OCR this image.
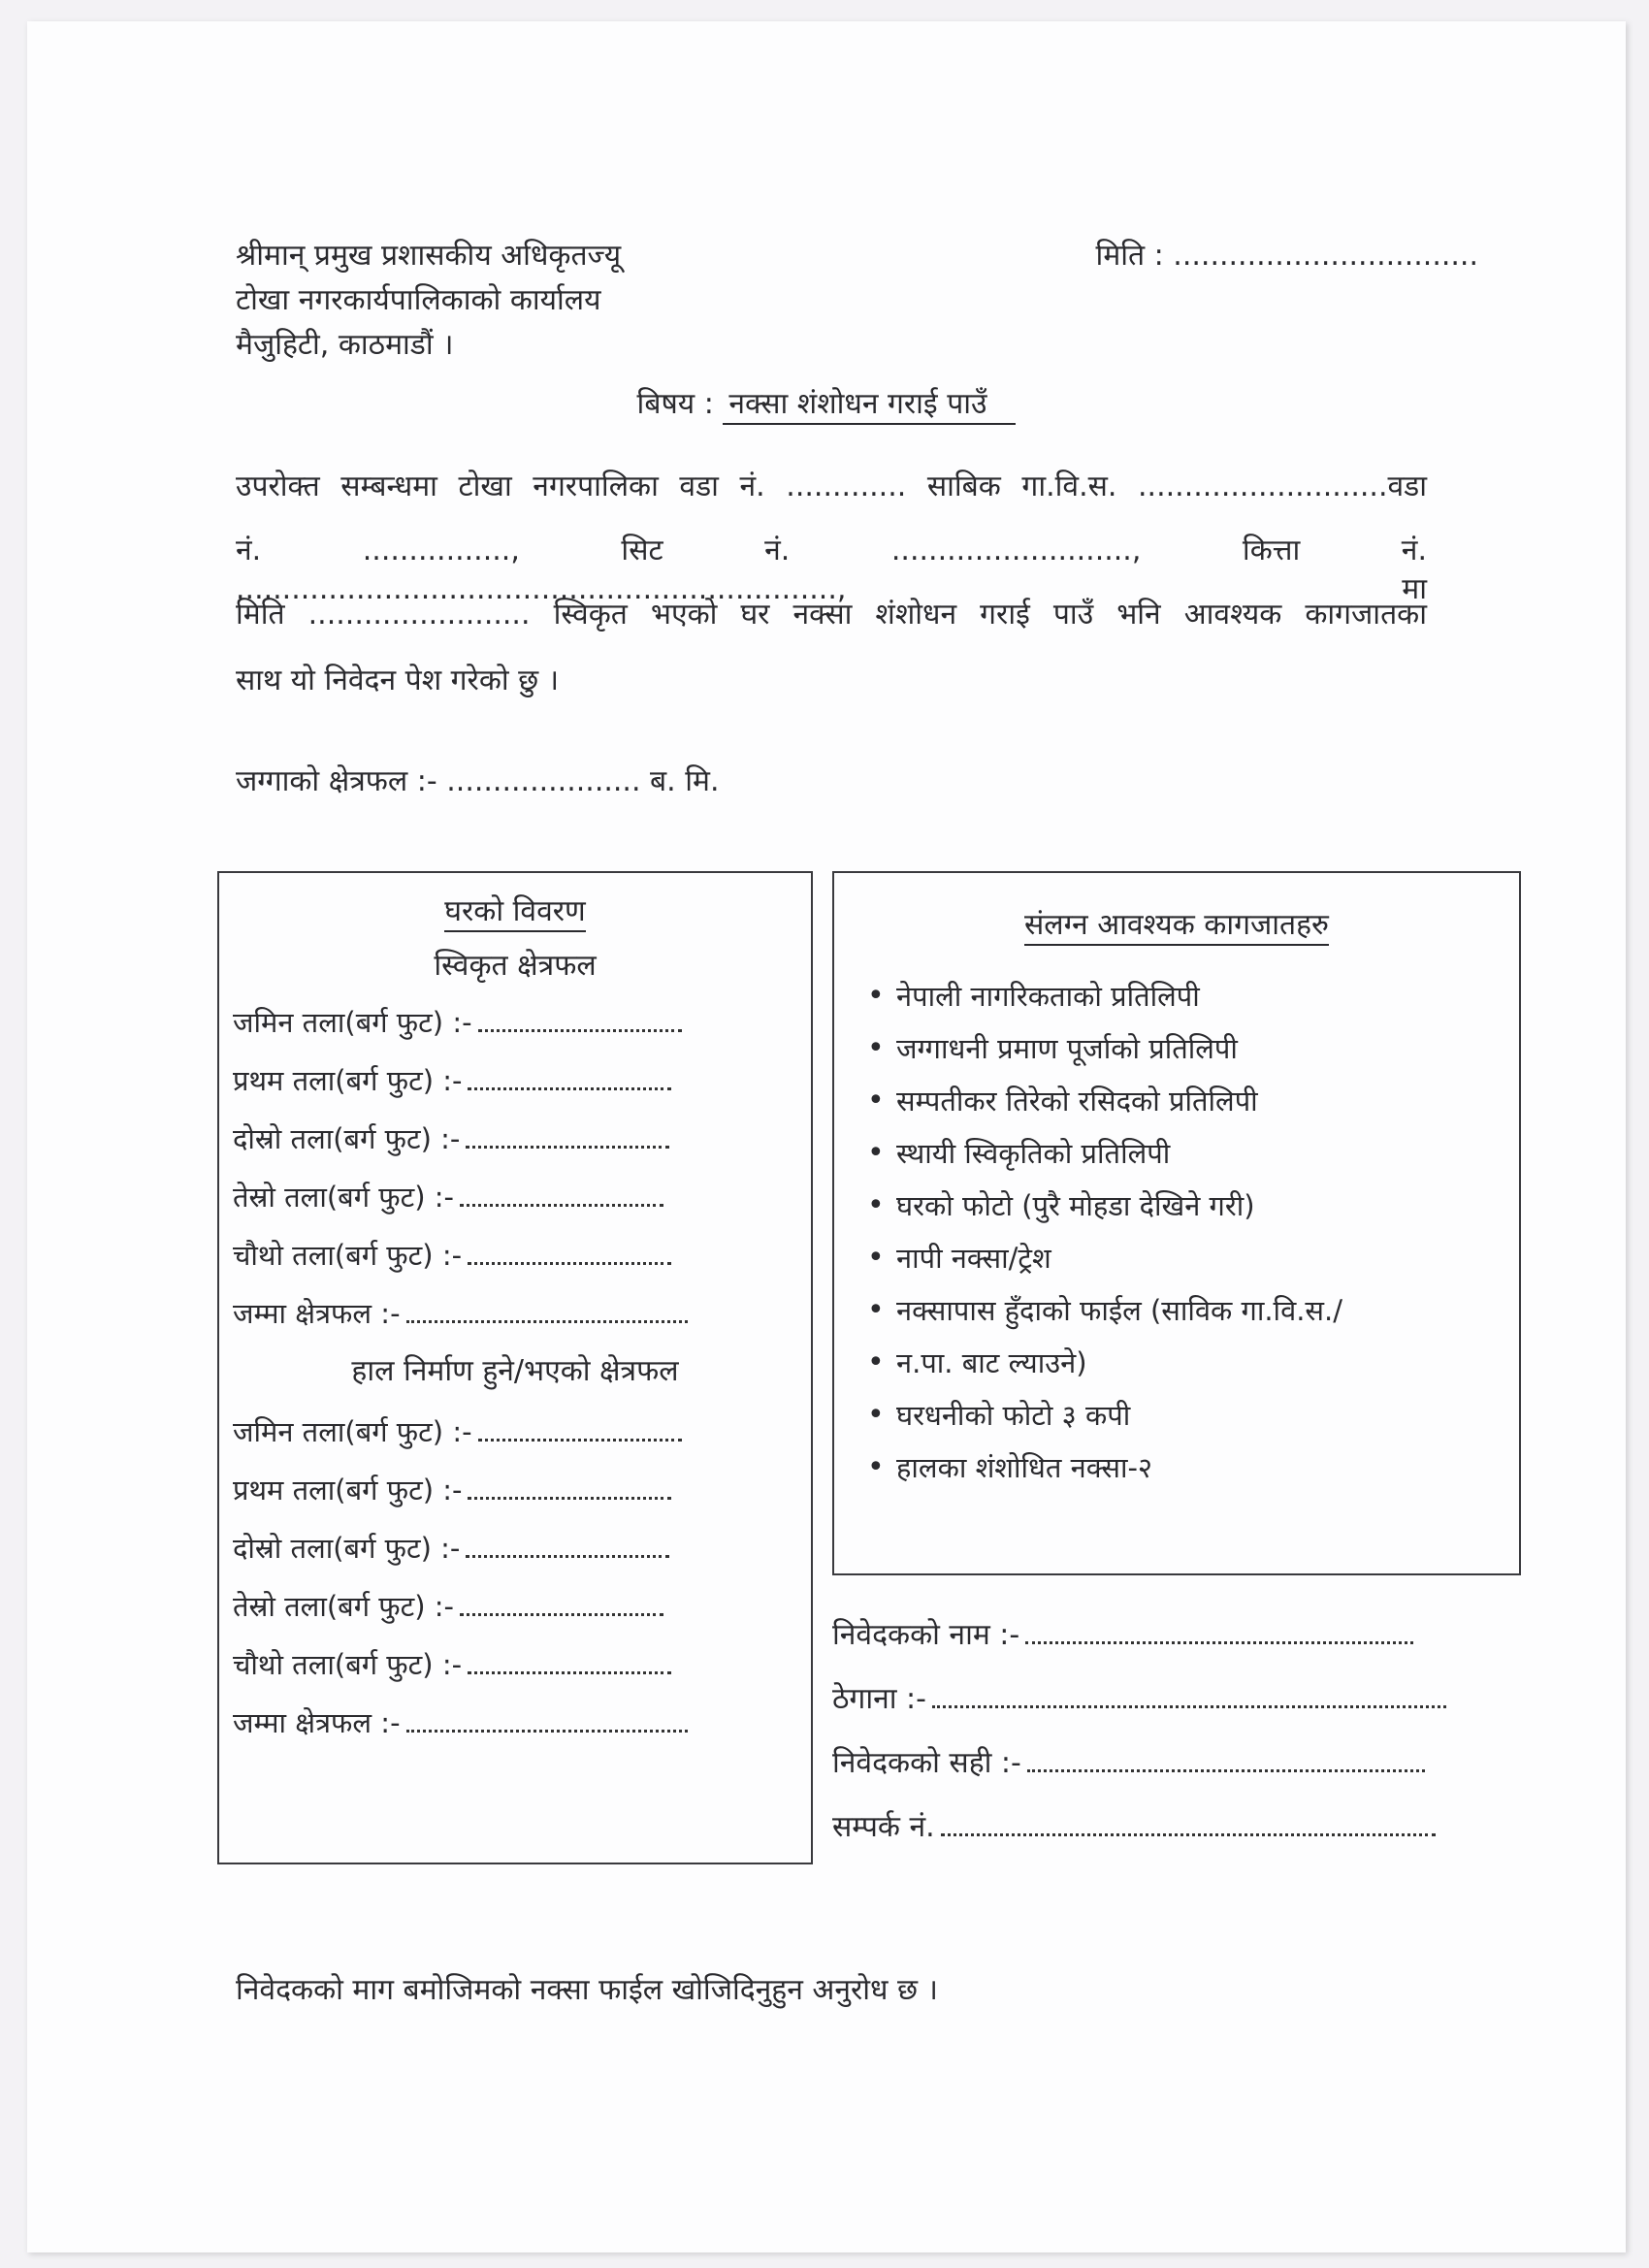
श्रीमान् प्रमुख प्रशासकीय अधिकृतज्यू
टोखा नगरकार्यपालिकाको कार्यालय
मैजुहिटी, काठमाडौं ।
मिति : .................................
बिषय : नक्सा शंशोधन गराई पाउँ
उपरोक्त सम्बन्धमा टोखा नगरपालिका वडा नं. ............. साबिक गा.वि.स. ...........................वडा
नं. ................, सिट नं. .........................., कित्ता नं. ................................................................., मा
मिति ........................ स्विकृत भएको घर नक्सा शंशोधन गराई पाउँ भनि आवश्यक कागजातका
साथ यो निवेदन पेश गरेको छु ।
जग्गाको क्षेत्रफल :- ..................... ब. मि.
घरको विवरण
स्विकृत क्षेत्रफल
जमिन तला(बर्ग फुट) :-
प्रथम तला(बर्ग फुट) :-
दोस्रो तला(बर्ग फुट) :-
तेस्रो तला(बर्ग फुट) :-
चौथो तला(बर्ग फुट) :-
जम्मा क्षेत्रफल :-
हाल निर्माण हुने/भएको क्षेत्रफल
जमिन तला(बर्ग फुट) :-
प्रथम तला(बर्ग फुट) :-
दोस्रो तला(बर्ग फुट) :-
तेस्रो तला(बर्ग फुट) :-
चौथो तला(बर्ग फुट) :-
जम्मा क्षेत्रफल :-
संलग्न आवश्यक कागजातहरु
• नेपाली नागरिकताको प्रतिलिपी
• जग्गाधनी प्रमाण पूर्जाको प्रतिलिपी
• सम्पतीकर तिरेको रसिदको प्रतिलिपी
• स्थायी स्विकृतिको प्रतिलिपी
• घरको फोटो (पुरै मोहडा देखिने गरी)
• नापी नक्सा/ट्रेश
• नक्सापास हुँदाको फाईल (साविक गा.वि.स./
• न.पा. बाट ल्याउने)
• घरधनीको फोटो ३ कपी
• हालका शंशोधित नक्सा-२
निवेदकको नाम :-
ठेगाना :-
निवेदकको सही :-
सम्पर्क नं.
निवेदकको माग बमोजिमको नक्सा फाईल खोजिदिनुहुन अनुरोध छ ।
